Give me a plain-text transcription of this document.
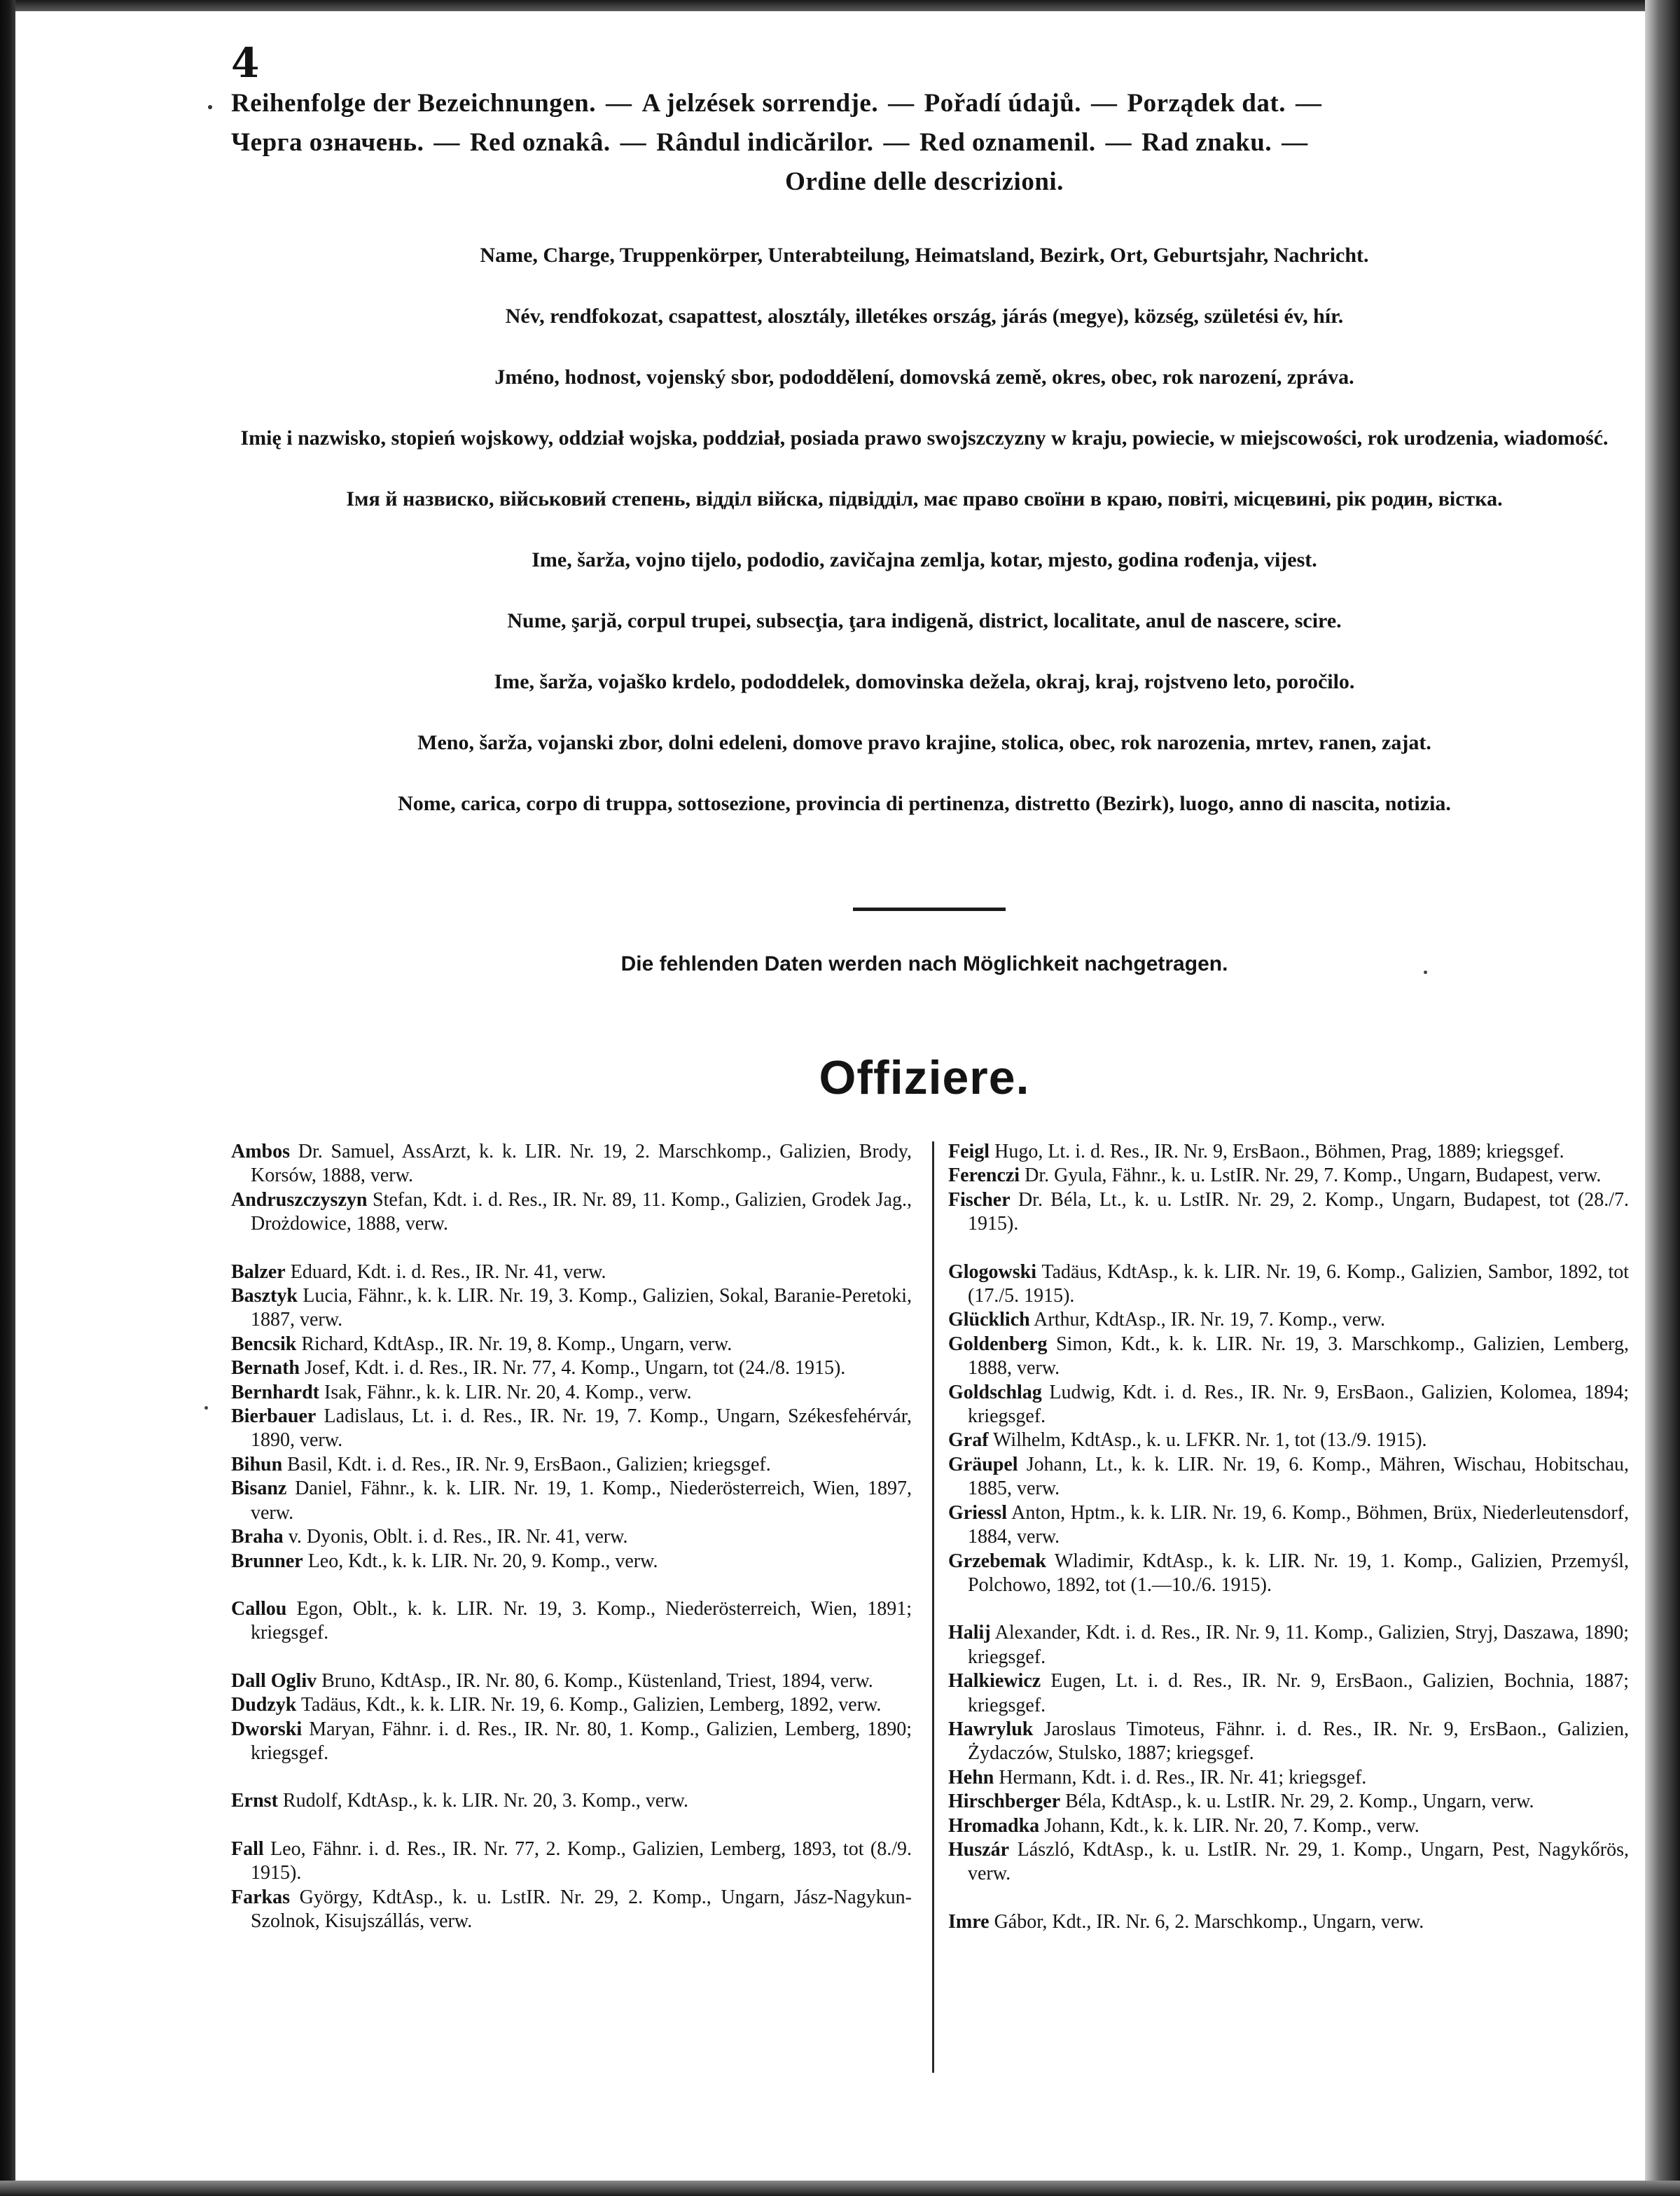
4
Reihenfolge der Bezeichnungen. — A jelzések sorrendje. — Pořadí údajů. — Porządek dat. —
Черга означень. — Red oznakâ. — Rândul indicărilor. — Red oznamenil. — Rad znaku. —
Ordine delle descrizioni.

Name, Charge, Truppenkörper, Unterabteilung, Heimatsland, Bezirk, Ort, Geburtsjahr, Nachricht.

Név, rendfokozat, csapattest, alosztály, illetékes ország, járás (megye), község, születési év, hír.

Jméno, hodnost, vojenský sbor, pododdělení, domovská země, okres, obec, rok narození, zpráva.

Imię i nazwisko, stopień wojskowy, oddział wojska, poddział, posiada prawo swojszczyzny w kraju, powiecie, w miejscowości, rok urodzenia, wiadomość.

Імя й назвиско, військовий степень, відділ війска, підвідділ, має право своїни в краю, повіті, місцевині, рік родин, вістка.

Ime, šarža, vojno tijelo, pododio, zavičajna zemlja, kotar, mjesto, godina rođenja, vijest.

Nume, şarjă, corpul trupei, subsecţia, ţara indigenă, district, localitate, anul de nascere, scire.

Ime, šarža, vojaško krdelo, pododdelek, domovinska dežela, okraj, kraj, rojstveno leto, poročilo.

Meno, šarža, vojanski zbor, dolni edeleni, domove pravo krajine, stolica, obec, rok narozenia, mrtev, ranen, zajat.

Nome, carica, corpo di truppa, sottosezione, provincia di pertinenza, distretto (Bezirk), luogo, anno di nascita, notizia.

Die fehlenden Daten werden nach Möglichkeit nachgetragen.
Offiziere.

Ambos Dr. Samuel, AssArzt, k. k. LIR. Nr. 19, 2. Marschkomp., Galizien, Brody, Korsów, 1888, verw.

Andruszczyszyn Stefan, Kdt. i. d. Res., IR. Nr. 89, 11. Komp., Galizien, Grodek Jag., Drożdowice, 1888, verw.

Balzer Eduard, Kdt. i. d. Res., IR. Nr. 41, verw.

Basztyk Lucia, Fähnr., k. k. LIR. Nr. 19, 3. Komp., Galizien, Sokal, Baranie-Peretoki, 1887, verw.

Bencsik Richard, KdtAsp., IR. Nr. 19, 8. Komp., Ungarn, verw.

Bernath Josef, Kdt. i. d. Res., IR. Nr. 77, 4. Komp., Ungarn, tot (24./8. 1915).

Bernhardt Isak, Fähnr., k. k. LIR. Nr. 20, 4. Komp., verw.

Bierbauer Ladislaus, Lt. i. d. Res., IR. Nr. 19, 7. Komp., Ungarn, Székesfehérvár, 1890, verw.

Bihun Basil, Kdt. i. d. Res., IR. Nr. 9, ErsBaon., Galizien; kriegsgef.

Bisanz Daniel, Fähnr., k. k. LIR. Nr. 19, 1. Komp., Niederösterreich, Wien, 1897, verw.

Braha v. Dyonis, Oblt. i. d. Res., IR. Nr. 41, verw.

Brunner Leo, Kdt., k. k. LIR. Nr. 20, 9. Komp., verw.

Callou Egon, Oblt., k. k. LIR. Nr. 19, 3. Komp., Niederösterreich, Wien, 1891; kriegsgef.

Dall Ogliv Bruno, KdtAsp., IR. Nr. 80, 6. Komp., Küstenland, Triest, 1894, verw.

Dudzyk Tadäus, Kdt., k. k. LIR. Nr. 19, 6. Komp., Galizien, Lemberg, 1892, verw.

Dworski Maryan, Fähnr. i. d. Res., IR. Nr. 80, 1. Komp., Galizien, Lemberg, 1890; kriegsgef.

Ernst Rudolf, KdtAsp., k. k. LIR. Nr. 20, 3. Komp., verw.

Fall Leo, Fähnr. i. d. Res., IR. Nr. 77, 2. Komp., Galizien, Lemberg, 1893, tot (8./9. 1915).

Farkas György, KdtAsp., k. u. LstIR. Nr. 29, 2. Komp., Ungarn, Jász-Nagykun-Szolnok, Kisujszállás, verw.

Feigl Hugo, Lt. i. d. Res., IR. Nr. 9, ErsBaon., Böhmen, Prag, 1889; kriegsgef.

Ferenczi Dr. Gyula, Fähnr., k. u. LstIR. Nr. 29, 7. Komp., Ungarn, Budapest, verw.

Fischer Dr. Béla, Lt., k. u. LstIR. Nr. 29, 2. Komp., Ungarn, Budapest, tot (28./7. 1915).

Glogowski Tadäus, KdtAsp., k. k. LIR. Nr. 19, 6. Komp., Galizien, Sambor, 1892, tot (17./5. 1915).

Glücklich Arthur, KdtAsp., IR. Nr. 19, 7. Komp., verw.

Goldenberg Simon, Kdt., k. k. LIR. Nr. 19, 3. Marschkomp., Galizien, Lemberg, 1888, verw.

Goldschlag Ludwig, Kdt. i. d. Res., IR. Nr. 9, ErsBaon., Galizien, Kolomea, 1894; kriegsgef.

Graf Wilhelm, KdtAsp., k. u. LFKR. Nr. 1, tot (13./9. 1915).

Gräupel Johann, Lt., k. k. LIR. Nr. 19, 6. Komp., Mähren, Wischau, Hobitschau, 1885, verw.

Griessl Anton, Hptm., k. k. LIR. Nr. 19, 6. Komp., Böhmen, Brüx, Niederleutensdorf, 1884, verw.

Grzebemak Wladimir, KdtAsp., k. k. LIR. Nr. 19, 1. Komp., Galizien, Przemyśl, Polchowo, 1892, tot (1.—10./6. 1915).

Halij Alexander, Kdt. i. d. Res., IR. Nr. 9, 11. Komp., Galizien, Stryj, Daszawa, 1890; kriegsgef.

Halkiewicz Eugen, Lt. i. d. Res., IR. Nr. 9, ErsBaon., Galizien, Bochnia, 1887; kriegsgef.

Hawryluk Jaroslaus Timoteus, Fähnr. i. d. Res., IR. Nr. 9, ErsBaon., Galizien, Żydaczów, Stulsko, 1887; kriegsgef.

Hehn Hermann, Kdt. i. d. Res., IR. Nr. 41; kriegsgef.

Hirschberger Béla, KdtAsp., k. u. LstIR. Nr. 29, 2. Komp., Ungarn, verw.

Hromadka Johann, Kdt., k. k. LIR. Nr. 20, 7. Komp., verw.

Huszár László, KdtAsp., k. u. LstIR. Nr. 29, 1. Komp., Ungarn, Pest, Nagykőrös, verw.

Imre Gábor, Kdt., IR. Nr. 6, 2. Marschkomp., Ungarn, verw.
